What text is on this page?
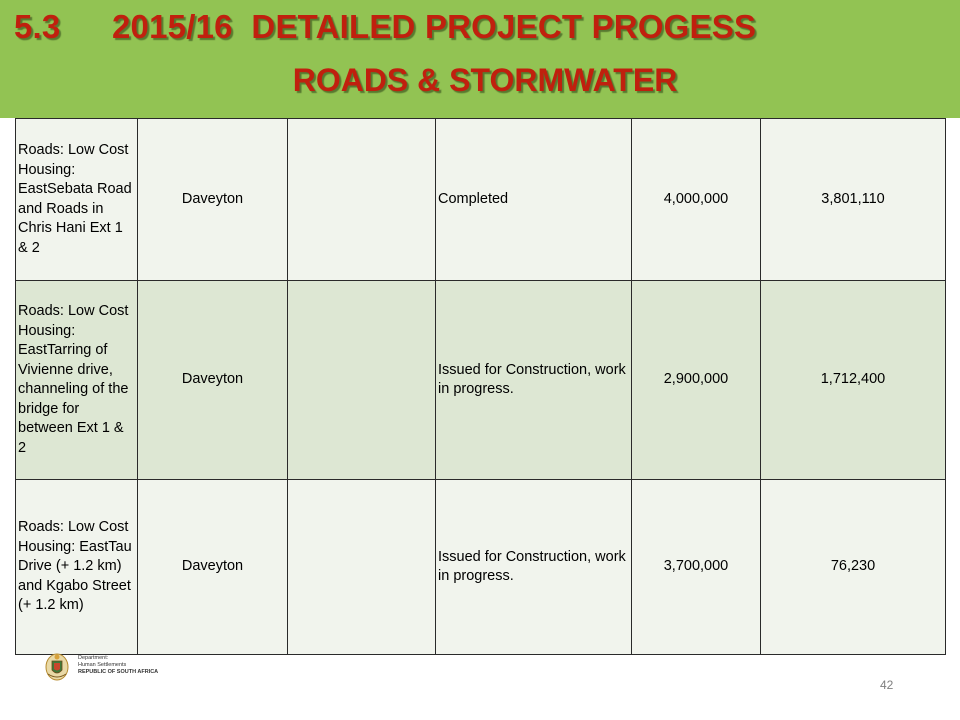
5.3 2015/16  DETAILED PROJECT PROGESS
ROADS & STORMWATER
Roads: Low Cost Housing: EastSebata Road and Roads in Chris Hani Ext 1 & 2	Daveyton		Completed	4,000,000	3,801,110
Roads: Low Cost Housing: EastTarring of Vivienne drive, channeling of the bridge for between Ext 1 & 2	Daveyton		Issued for Construction, work in progress.	2,900,000	1,712,400
Roads: Low Cost Housing: EastTau Drive (+ 1.2 km) and Kgabo Street (+ 1.2 km)	Daveyton		Issued for Construction, work in progress.	3,700,000	76,230
Department:
Human Settlements
REPUBLIC OF SOUTH AFRICA
42
